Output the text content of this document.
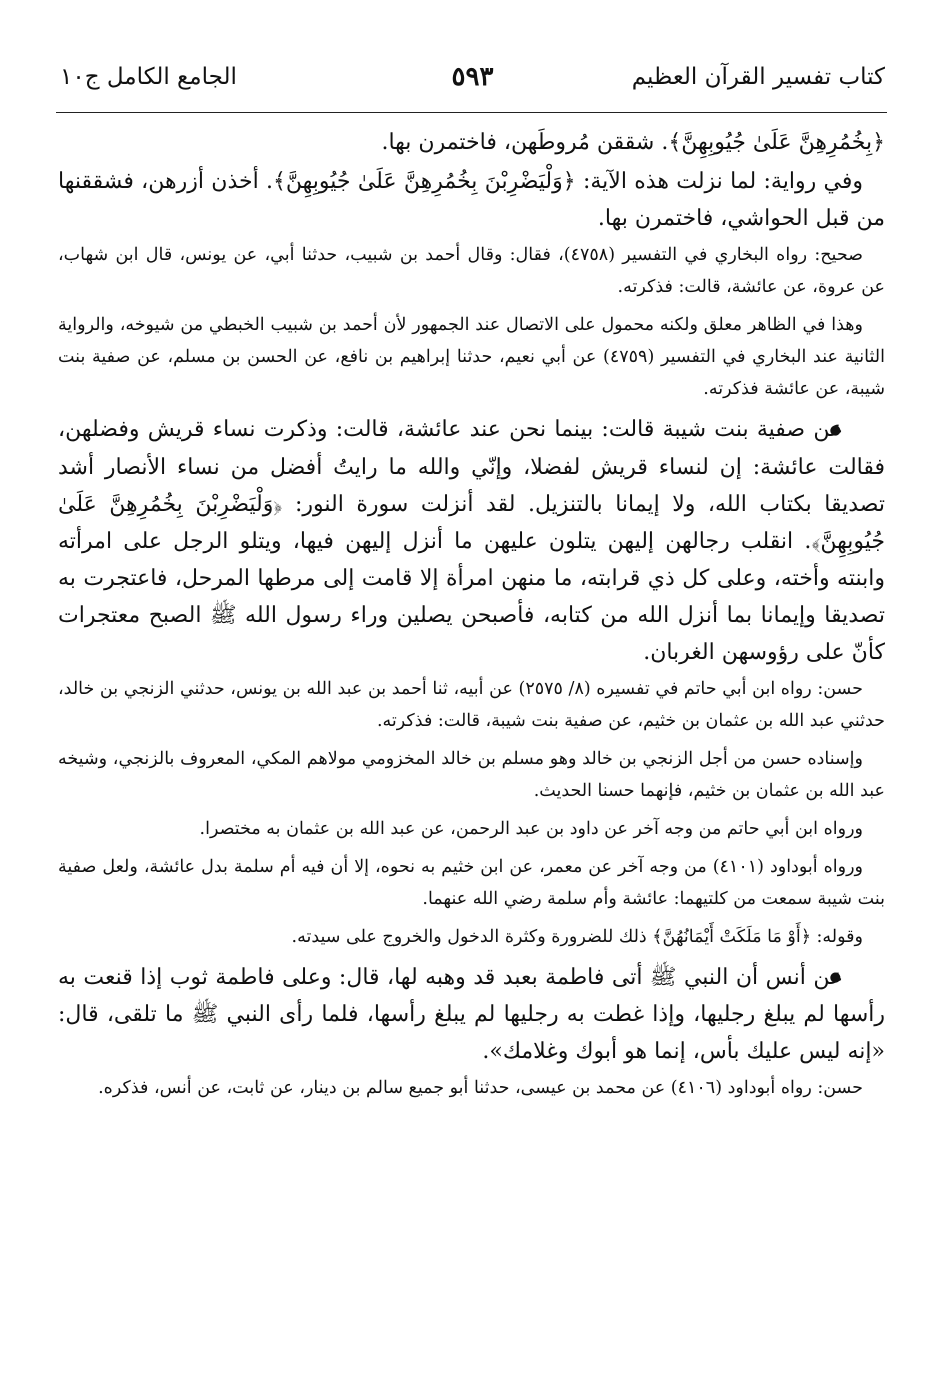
كتاب تفسير القرآن العظيم
٥٩٣
الجامع الكامل ج١٠

﴿بِخُمُرِهِنَّ عَلَىٰ جُيُوبِهِنَّ﴾. شققن مُروطَهن، فاختمرن بها.

وفي رواية: لما نزلت هذه الآية: ﴿وَلْيَضْرِبْنَ بِخُمُرِهِنَّ عَلَىٰ جُيُوبِهِنَّ﴾. أخذن أزرهن، فشققنها من قبل الحواشي، فاختمرن بها.

صحيح: رواه البخاري في التفسير (٤٧٥٨)، فقال: وقال أحمد بن شبيب، حدثنا أبي، عن يونس، قال ابن شهاب، عن عروة، عن عائشة، قالت: فذكرته.

وهذا في الظاهر معلق ولكنه محمول على الاتصال عند الجمهور لأن أحمد بن شبيب الخبطي من شيوخه، والرواية الثانية عند البخاري في التفسير (٤٧٥٩) عن أبي نعيم، حدثنا إبراهيم بن نافع، عن الحسن بن مسلم، عن صفية بنت شيبة، عن عائشة فذكرته.

●عن صفية بنت شيبة قالت: بينما نحن عند عائشة، قالت: وذكرت نساء قريش وفضلهن، فقالت عائشة: إن لنساء قريش لفضلا، وإنّي والله ما رايتُ أفضل من نساء الأنصار أشد تصديقا بكتاب الله، ولا إيمانا بالتنزيل. لقد أنزلت سورة النور: ﴿وَلْيَضْرِبْنَ بِخُمُرِهِنَّ عَلَىٰ جُيُوبِهِنَّ﴾. انقلب رجالهن إليهن يتلون عليهن ما أنزل إليهن فيها، ويتلو الرجل على امرأته وابنته وأخته، وعلى كل ذي قرابته، ما منهن امرأة إلا قامت إلى مرطها المرحل، فاعتجرت به تصديقا وإيمانا بما أنزل الله من كتابه، فأصبحن يصلين وراء رسول الله ﷺ الصبح معتجرات كأنّ على رؤوسهن الغربان.

حسن: رواه ابن أبي حاتم في تفسيره (٨/ ٢٥٧٥) عن أبيه، ثنا أحمد بن عبد الله بن يونس، حدثني الزنجي بن خالد، حدثني عبد الله بن عثمان بن خثيم، عن صفية بنت شيبة، قالت: فذكرته.

وإسناده حسن من أجل الزنجي بن خالد وهو مسلم بن خالد المخزومي مولاهم المكي، المعروف بالزنجي، وشيخه عبد الله بن عثمان بن خثيم، فإنهما حسنا الحديث.

ورواه ابن أبي حاتم من وجه آخر عن داود بن عبد الرحمن، عن عبد الله بن عثمان به مختصرا.

ورواه أبوداود (٤١٠١) من وجه آخر عن معمر، عن ابن خثيم به نحوه، إلا أن فيه أم سلمة بدل عائشة، ولعل صفية بنت شيبة سمعت من كلتيهما: عائشة وأم سلمة رضي الله عنهما.

وقوله: ﴿أَوْ مَا مَلَكَتْ أَيْمَانُهُنَّ﴾ ذلك للضرورة وكثرة الدخول والخروج على سيدته.

●عن أنس أن النبي ﷺ أتى فاطمة بعبد قد وهبه لها، قال: وعلى فاطمة ثوب إذا قنعت به رأسها لم يبلغ رجليها، وإذا غطت به رجليها لم يبلغ رأسها، فلما رأى النبي ﷺ ما تلقى، قال: «إنه ليس عليك بأس، إنما هو أبوك وغلامك».

حسن: رواه أبوداود (٤١٠٦) عن محمد بن عيسى، حدثنا أبو جميع سالم بن دينار، عن ثابت، عن أنس، فذكره.
